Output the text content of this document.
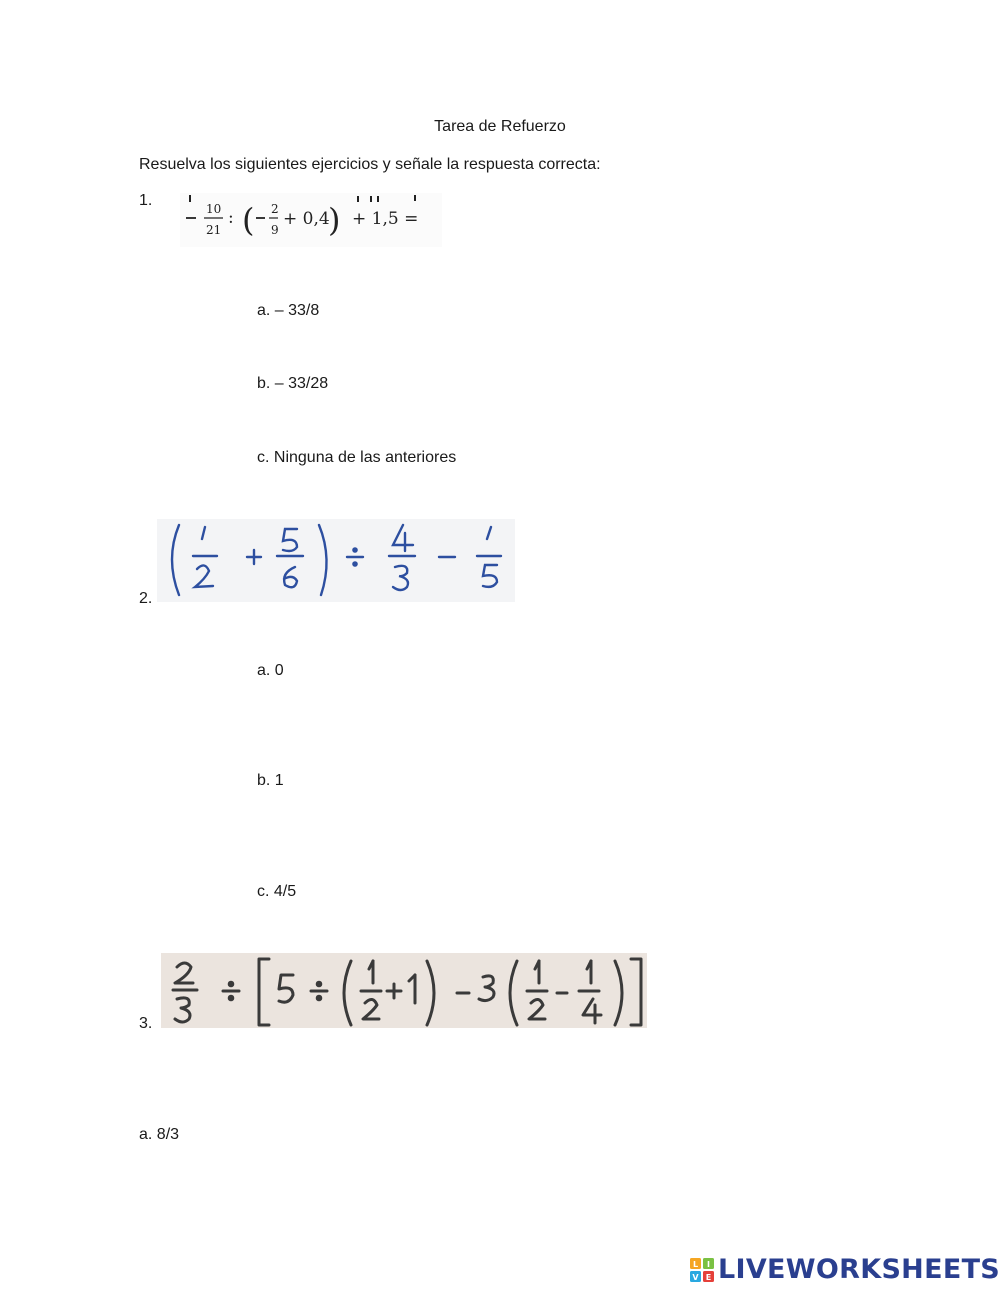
Tarea de Refuerzo
Resuelva los siguientes ejercicios y señale la respuesta correcta:
1.	10
21
: ( 2
9
+ 0,4
) + 1,5 =
a. – 33/8
b. – 33/28
c. Ninguna de las anteriores
2.
a. 0
b. 1
c. 4/5
3.
a. 8/3
L I
V E LIVEWORKSHEETS
